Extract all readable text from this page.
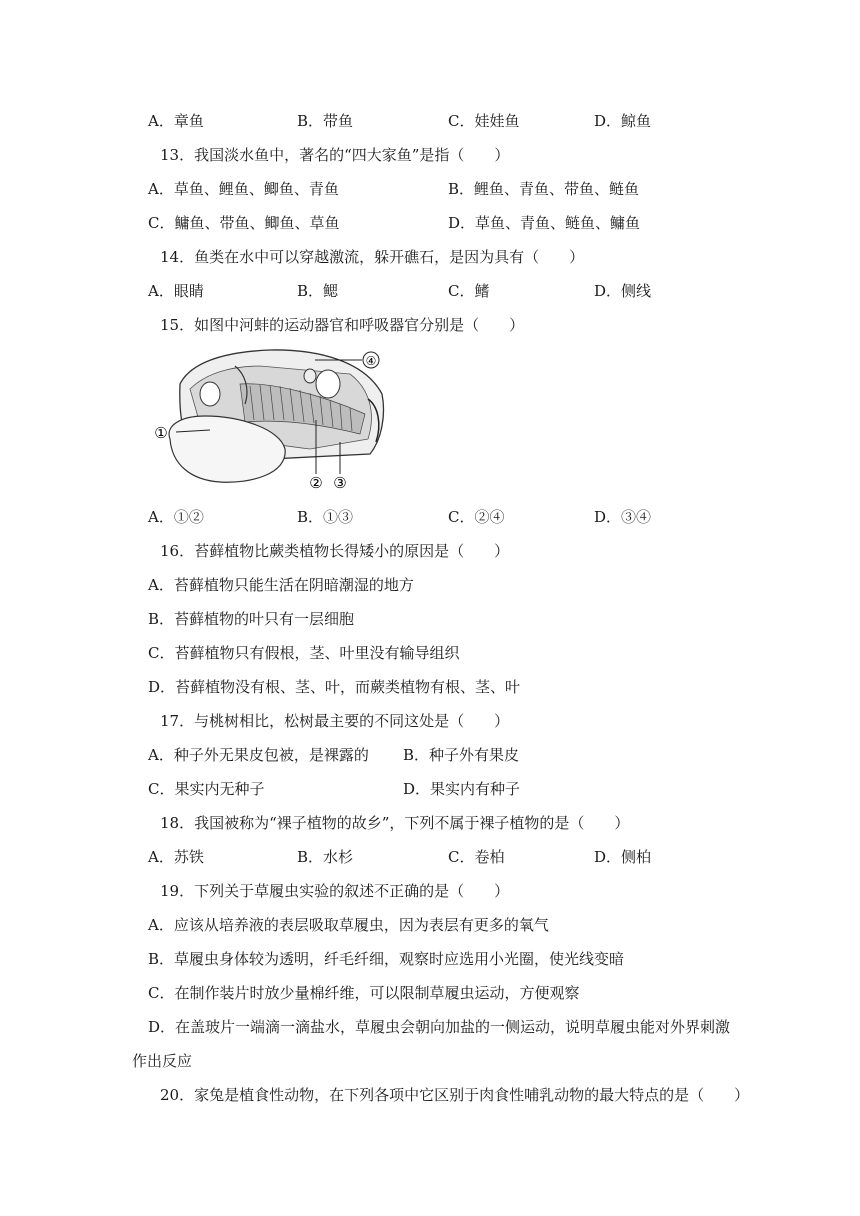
A．章鱼	B．带鱼	C．娃娃鱼	D．鲸鱼
13．我国淡水鱼中，著名的“四大家鱼”是指（　　）
A．草鱼、鲤鱼、鲫鱼、青鱼	B．鲤鱼、青鱼、带鱼、鲢鱼
C．鳙鱼、带鱼、鲫鱼、草鱼	D．草鱼、青鱼、鲢鱼、鳙鱼
14．鱼类在水中可以穿越激流，躲开礁石，是因为具有（　　）
A．眼睛	B．鳃	C．鳍	D．侧线
15．如图中河蚌的运动器官和呼吸器官分别是（　　）
④
①
② ③
A．①②	B．①③	C．②④	D．③④
16．苔藓植物比蕨类植物长得矮小的原因是（　　）
A．苔藓植物只能生活在阴暗潮湿的地方
B．苔藓植物的叶只有一层细胞
C．苔藓植物只有假根，茎、叶里没有输导组织
D．苔藓植物没有根、茎、叶，而蕨类植物有根、茎、叶
17．与桃树相比，松树最主要的不同这处是（　　）
A．种子外无果皮包被，是裸露的 B．种子外有果皮
C．果实内无种子	D．果实内有种子
18．我国被称为“裸子植物的故乡”，下列不属于裸子植物的是（　　）
A．苏铁	B．水杉	C．卷柏	D．侧柏
19．下列关于草履虫实验的叙述不正确的是（　　）
A．应该从培养液的表层吸取草履虫，因为表层有更多的氧气
B．草履虫身体较为透明，纤毛纤细，观察时应选用小光圈，使光线变暗
C．在制作装片时放少量棉纤维，可以限制草履虫运动，方便观察
D．在盖玻片一端滴一滴盐水，草履虫会朝向加盐的一侧运动，说明草履虫能对外界刺激
作出反应
20．家兔是植食性动物，在下列各项中它区别于肉食性哺乳动物的最大特点的是（　　）
